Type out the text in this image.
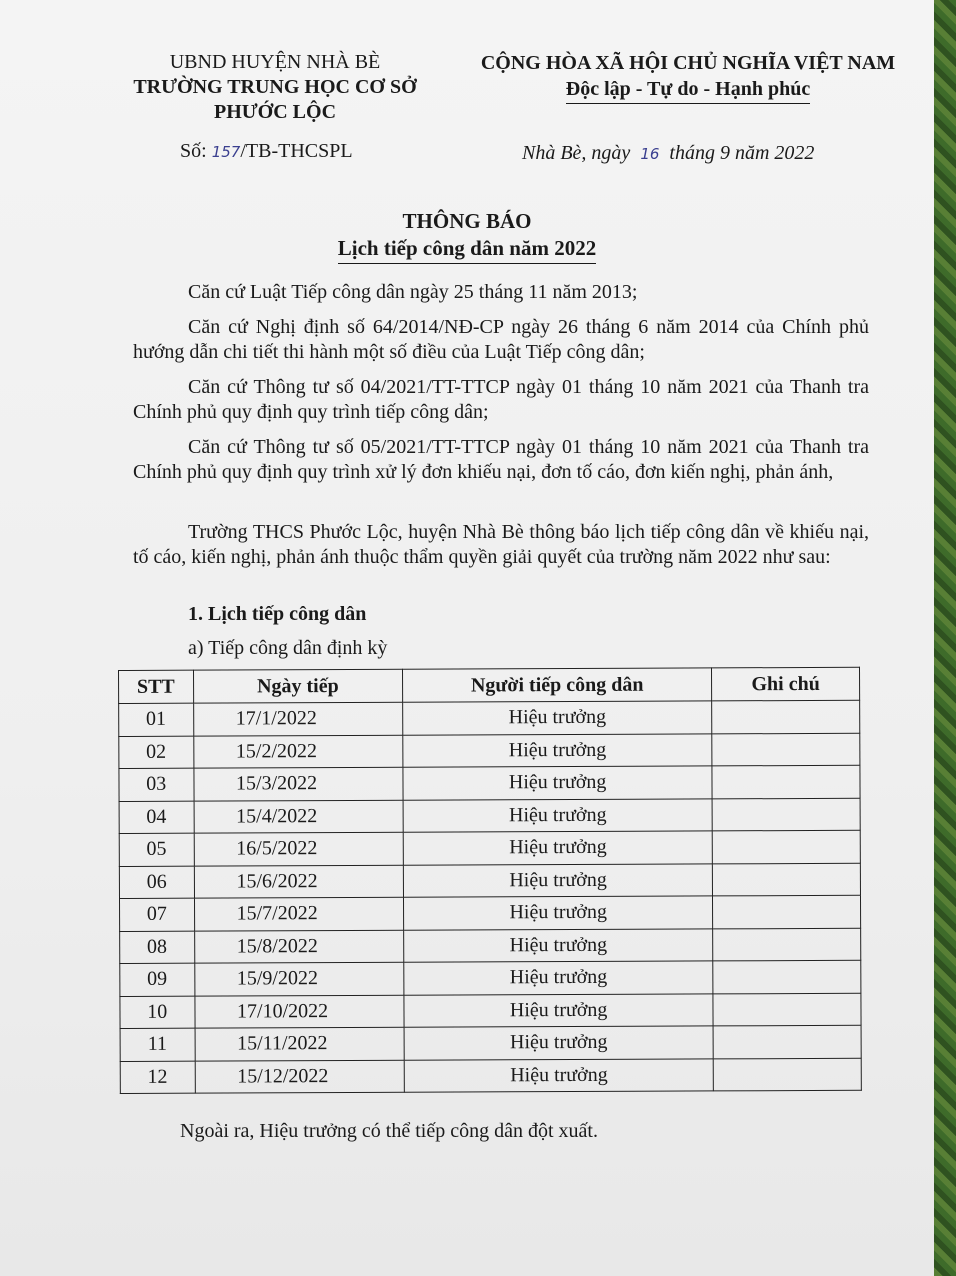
UBND HUYỆN NHÀ BÈ
TRƯỜNG TRUNG HỌC CƠ SỞ
PHƯỚC LỘC
CỘNG HÒA XÃ HỘI CHỦ NGHĨA VIỆT NAM
Độc lập - Tự do - Hạnh phúc
Số: 157/TB-THCSPL	Nhà Bè, ngày 16 tháng 9 năm 2022
THÔNG BÁO
Lịch tiếp công dân năm 2022
Căn cứ Luật Tiếp công dân ngày 25 tháng 11 năm 2013;
Căn cứ Nghị định số 64/2014/NĐ-CP ngày 26 tháng 6 năm 2014 của Chính phủ hướng dẫn chi tiết thi hành một số điều của Luật Tiếp công dân;
Căn cứ Thông tư số 04/2021/TT-TTCP ngày 01 tháng 10 năm 2021 của Thanh tra Chính phủ quy định quy trình tiếp công dân;
Căn cứ Thông tư số 05/2021/TT-TTCP ngày 01 tháng 10 năm 2021 của Thanh tra Chính phủ quy định quy trình xử lý đơn khiếu nại, đơn tố cáo, đơn kiến nghị, phản ánh,
Trường THCS Phước Lộc, huyện Nhà Bè thông báo lịch tiếp công dân về khiếu nại, tố cáo, kiến nghị, phản ánh thuộc thẩm quyền giải quyết của trường năm 2022 như sau:
1. Lịch tiếp công dân
a) Tiếp công dân định kỳ
STT	Ngày tiếp	Người tiếp công dân	Ghi chú
01	17/1/2022	Hiệu trưởng	
02	15/2/2022	Hiệu trưởng	
03	15/3/2022	Hiệu trưởng	
04	15/4/2022	Hiệu trưởng	
05	16/5/2022	Hiệu trưởng	
06	15/6/2022	Hiệu trưởng	
07	15/7/2022	Hiệu trưởng	
08	15/8/2022	Hiệu trưởng	
09	15/9/2022	Hiệu trưởng	
10	17/10/2022	Hiệu trưởng	
11	15/11/2022	Hiệu trưởng	
12	15/12/2022	Hiệu trưởng	
Ngoài ra, Hiệu trưởng có thể tiếp công dân đột xuất.
